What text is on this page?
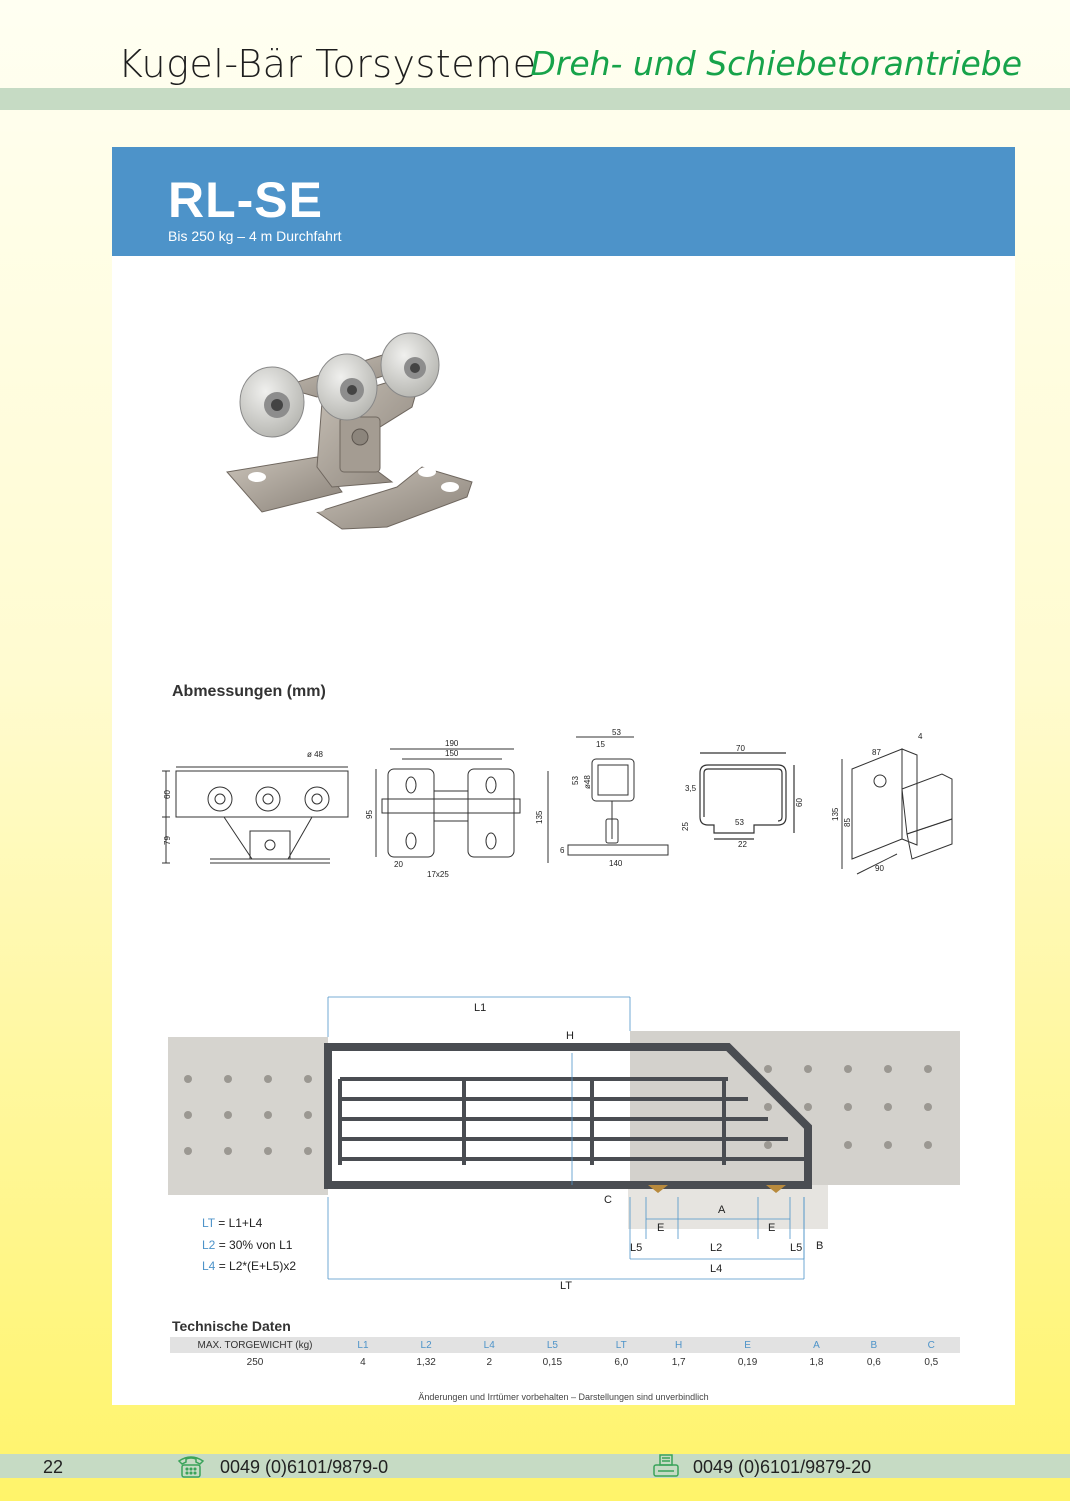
Kugel-Bär Torsysteme
Dreh- und Schiebetorantriebe
RL-SE
Bis 250 kg – 4 m Durchfahrt
Abmessungen (mm)
ø 48
60
79
190
150
95
20
17x25
53
15
53 ø48
135
6
140
70
3,5
60
25	53
22
4
87
135
85
90
L1
H
C
A
E	E
L5	L2	L5 B
L4
LT
LT = L1+L4
L2 = 30% von L1
L4 = L2*(E+L5)x2
Technische Daten
MAX. TORGEWICHT (kg)	L1	L2	L4	L5	LT	H	E	A	B	C
250	4	1,32	2	0,15	6,0	1,7	0,19	1,8	0,6	0,5
Änderungen und Irrtümer vorbehalten – Darstellungen sind unverbindlich
22	0049 (0)6101/9879-0	0049 (0)6101/9879-20
